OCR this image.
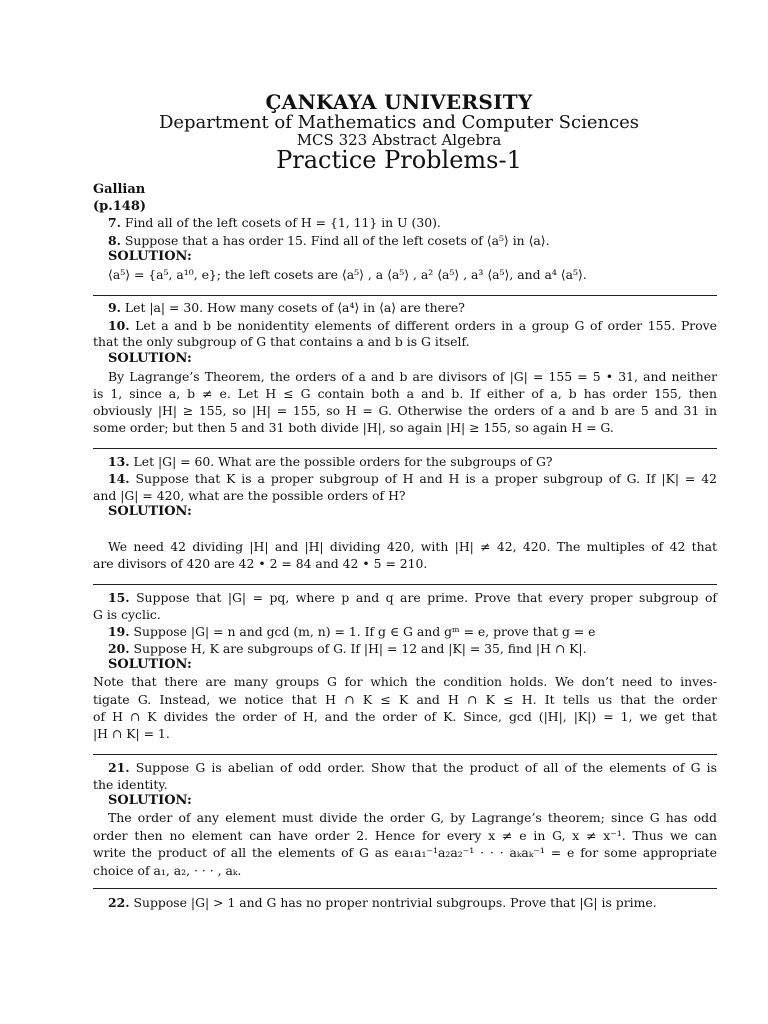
ÇANKAYA UNIVERSITY
Department of Mathematics and Computer Sciences
MCS 323 Abstract Algebra
Practice Problems-1
Gallian
(p.148)
7. Find all of the left cosets of H = {1, 11} in U (30).
8. Suppose that a has order 15. Find all of the left cosets of ⟨a⁵⟩ in ⟨a⟩.
SOLUTION:
⟨a⁵⟩ = {a⁵, a¹⁰, e}; the left cosets are ⟨a⁵⟩ , a ⟨a⁵⟩ , a² ⟨a⁵⟩ , a³ ⟨a⁵⟩, and a⁴ ⟨a⁵⟩.
9. Let |a| = 30. How many cosets of ⟨a⁴⟩ in ⟨a⟩ are there?
10. Let a and b be nonidentity elements of different orders in a group G of order 155. Prove
that the only subgroup of G that contains a and b is G itself.
SOLUTION:
By Lagrange’s Theorem, the orders of a and b are divisors of |G| = 155 = 5 • 31, and neither
is 1, since a, b ≠ e. Let H ≤ G contain both a and b. If either of a, b has order 155, then
obviously |H| ≥ 155, so |H| = 155, so H = G. Otherwise the orders of a and b are 5 and 31 in
some order; but then 5 and 31 both divide |H|, so again |H| ≥ 155, so again H = G.
13. Let |G| = 60. What are the possible orders for the subgroups of G?
14. Suppose that K is a proper subgroup of H and H is a proper subgroup of G. If |K| = 42
and |G| = 420, what are the possible orders of H?
SOLUTION:
We need 42 dividing |H| and |H| dividing 420, with |H| ≠ 42, 420. The multiples of 42 that
are divisors of 420 are 42 • 2 = 84 and 42 • 5 = 210.
15. Suppose that |G| = pq, where p and q are prime. Prove that every proper subgroup of
G is cyclic.
19. Suppose |G| = n and gcd (m, n) = 1. If g ∈ G and gᵐ = e, prove that g = e
20. Suppose H, K are subgroups of G. If |H| = 12 and |K| = 35, find |H ∩ K|.
SOLUTION:
Note that there are many groups G for which the condition holds. We don’t need to inves-
tigate G. Instead, we notice that H ∩ K ≤ K and H ∩ K ≤ H. It tells us that the order
of H ∩ K divides the order of H, and the order of K. Since, gcd (|H|, |K|) = 1, we get that
|H ∩ K| = 1.
21. Suppose G is abelian of odd order. Show that the product of all of the elements of G is
the identity.
SOLUTION:
The order of any element must divide the order G, by Lagrange’s theorem; since G has odd
order then no element can have order 2. Hence for every x ≠ e in G, x ≠ x⁻¹. Thus we can
write the product of all the elements of G as ea₁a₁⁻¹a₂a₂⁻¹ · · · aₖaₖ⁻¹ = e for some appropriate
choice of a₁, a₂, · · · , aₖ.
22. Suppose |G| > 1 and G has no proper nontrivial subgroups. Prove that |G| is prime.
